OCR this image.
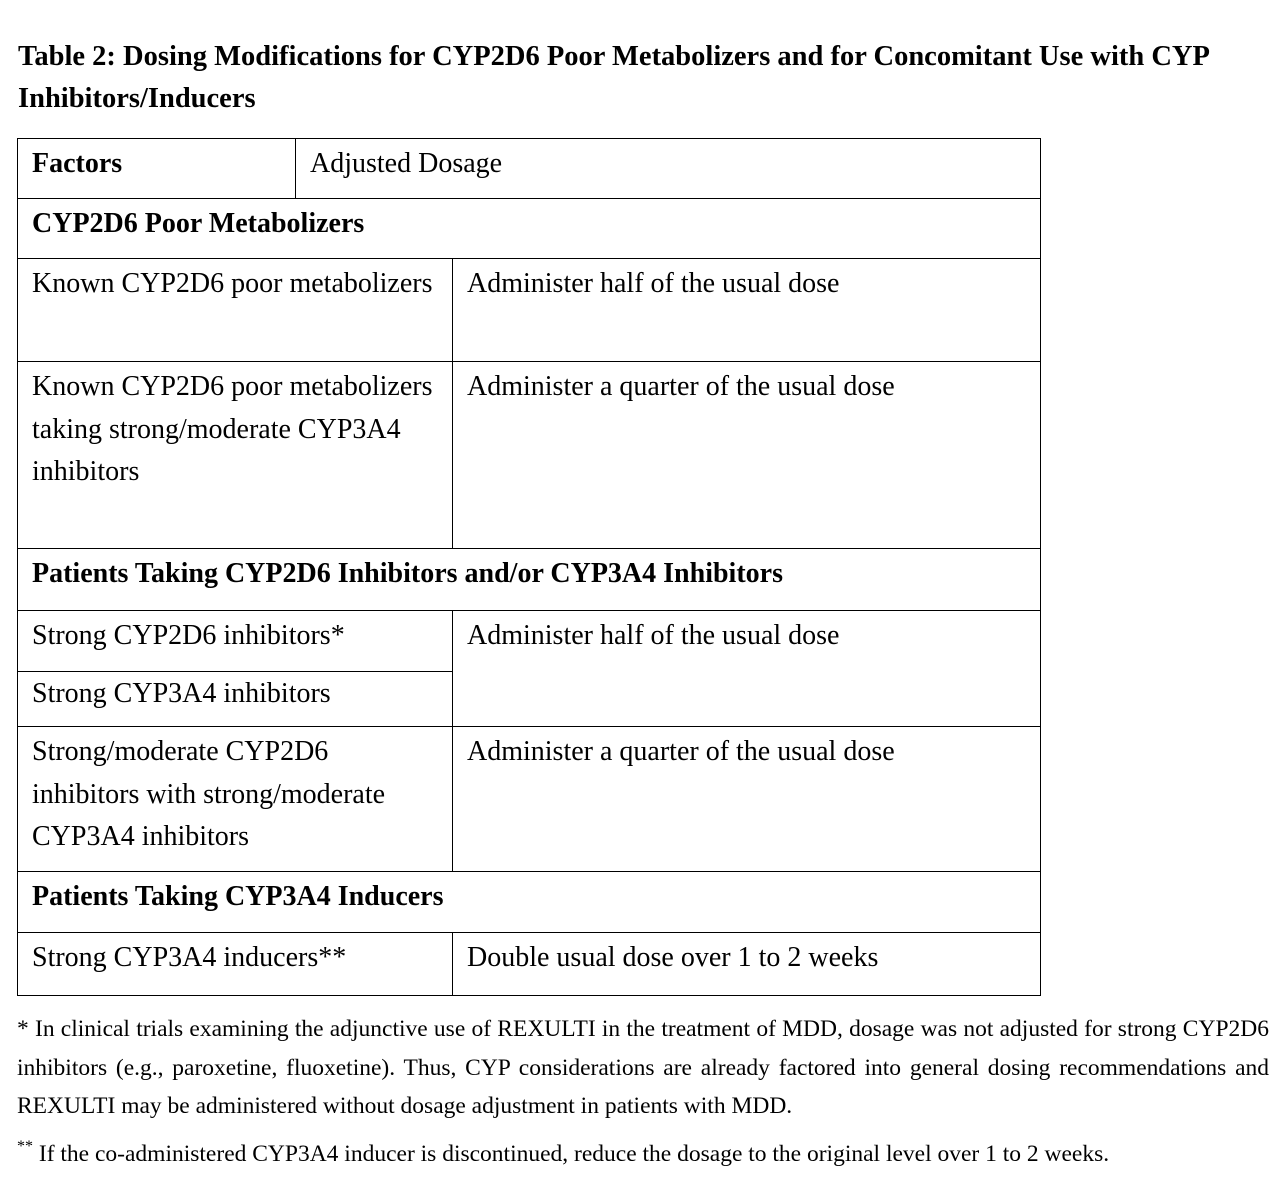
Table 2: Dosing Modifications for CYP2D6 Poor Metabolizers and for Concomitant Use with CYP Inhibitors/Inducers
Factors	Adjusted Dosage	
CYP2D6 Poor Metabolizers		
Known CYP2D6 poor metabolizers		Administer half of the usual dose
Known CYP2D6 poor metabolizers taking strong/moderate CYP3A4 inhibitors		Administer a quarter of the usual dose
Patients Taking CYP2D6 Inhibitors and/or CYP3A4 Inhibitors		
Strong CYP2D6 inhibitors*		Administer half of the usual dose
Strong CYP3A4 inhibitors		
Strong/moderate CYP2D6 inhibitors with strong/moderate CYP3A4 inhibitors		Administer a quarter of the usual dose
Patients Taking CYP3A4 Inducers		
Strong CYP3A4 inducers**		Double usual dose over 1 to 2 weeks

* In clinical trials examining the adjunctive use of REXULTI in the treatment of MDD, dosage was not adjusted for strong CYP2D6 inhibitors (e.g., paroxetine, fluoxetine). Thus, CYP considerations are already factored into general dosing recommendations and REXULTI may be administered without dosage adjustment in patients with MDD.

** If the co-administered CYP3A4 inducer is discontinued, reduce the dosage to the original level over 1 to 2 weeks.
